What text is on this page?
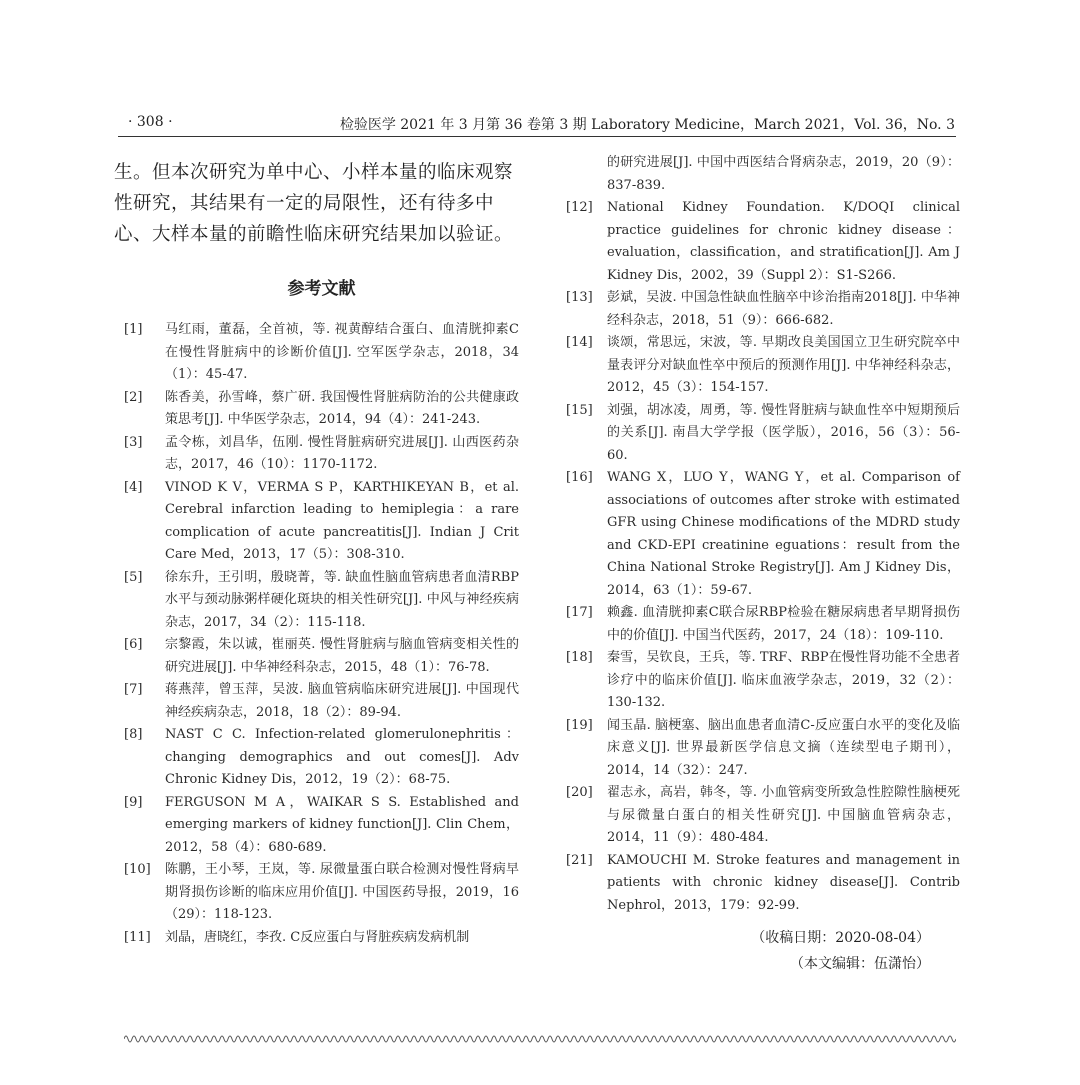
· 308 ·	检验医学 2021 年 3 月第 36 卷第 3 期 Laboratory Medicine，March 2021，Vol. 36，No. 3
生。但本次研究为单中心、小样本量的临床观察性研究，其结果有一定的局限性，还有待多中心、大样本量的前瞻性临床研究结果加以验证。
参考文献
[1]	马红雨，董磊，全首祯，等. 视黄醇结合蛋白、血清胱抑素C在慢性肾脏病中的诊断价值[J]. 空军医学杂志，2018，34（1）：45-47.
[2]	陈香美，孙雪峰，蔡广研. 我国慢性肾脏病防治的公共健康政策思考[J]. 中华医学杂志，2014，94（4）：241-243.
[3]	孟令栋，刘昌华，伍刚. 慢性肾脏病研究进展[J]. 山西医药杂志，2017，46（10）：1170-1172.
[4]	VINOD K V，VERMA S P，KARTHIKEYAN B，et al. Cerebral infarction leading to hemiplegia：a rare complication of acute pancreatitis[J]. Indian J Crit Care Med，2013，17（5）：308-310.
[5]	徐东升，王引明，殷晓菁，等. 缺血性脑血管病患者血清RBP水平与颈动脉粥样硬化斑块的相关性研究[J]. 中风与神经疾病杂志，2017，34（2）：115-118.
[6]	宗黎霞，朱以诚，崔丽英. 慢性肾脏病与脑血管病变相关性的研究进展[J]. 中华神经科杂志，2015，48（1）：76-78.
[7]	蒋燕萍，曾玉萍，吴波. 脑血管病临床研究进展[J]. 中国现代神经疾病杂志，2018，18（2）：89-94.
[8]	NAST C C. Infection-related glomerulonephritis：changing demographics and out comes[J]. Adv Chronic Kidney Dis，2012，19（2）：68-75.
[9]	FERGUSON M A，WAIKAR S S. Established and emerging markers of kidney function[J]. Clin Chem，2012，58（4）：680-689.
[10]	陈鹏，王小琴，王岚，等. 尿微量蛋白联合检测对慢性肾病早期肾损伤诊断的临床应用价值[J]. 中国医药导报，2019，16（29）：118-123.
[11]	刘晶，唐晓红，李孜. C反应蛋白与肾脏疾病发病机制
的研究进展[J]. 中国中西医结合肾病杂志，2019，20（9）：837-839.
[12]	National Kidney Foundation. K/DOQI clinical practice guidelines for chronic kidney disease：evaluation，classification，and stratification[J]. Am J Kidney Dis，2002，39（Suppl 2）：S1-S266.
[13]	彭斌，吴波. 中国急性缺血性脑卒中诊治指南2018[J]. 中华神经科杂志，2018，51（9）：666-682.
[14]	谈颂，常思远，宋波，等. 早期改良美国国立卫生研究院卒中量表评分对缺血性卒中预后的预测作用[J]. 中华神经科杂志，2012，45（3）：154-157.
[15]	刘强，胡冰凌，周勇，等. 慢性肾脏病与缺血性卒中短期预后的关系[J]. 南昌大学学报（医学版），2016，56（3）：56-60.
[16]	WANG X，LUO Y，WANG Y，et al. Comparison of associations of outcomes after stroke with estimated GFR using Chinese modifications of the MDRD study and CKD-EPI creatinine eguations：result from the China National Stroke Registry[J]. Am J Kidney Dis，2014，63（1）：59-67.
[17]	赖鑫. 血清胱抑素C联合尿RBP检验在糖尿病患者早期肾损伤中的价值[J]. 中国当代医药，2017，24（18）：109-110.
[18]	秦雪，吴钦良，王兵，等. TRF、RBP在慢性肾功能不全患者诊疗中的临床价值[J]. 临床血液学杂志，2019，32（2）：130-132.
[19]	闻玉晶. 脑梗塞、脑出血患者血清C-反应蛋白水平的变化及临床意义[J]. 世界最新医学信息文摘（连续型电子期刊），2014，14（32）：247.
[20]	翟志永，高岩，韩冬，等. 小血管病变所致急性腔隙性脑梗死与尿微量白蛋白的相关性研究[J]. 中国脑血管病杂志，2014，11（9）：480-484.
[21]	KAMOUCHI M. Stroke features and management in patients with chronic kidney disease[J]. Contrib Nephrol，2013，179：92-99.
（收稿日期：2020-08-04）
（本文编辑：伍潇怡）
